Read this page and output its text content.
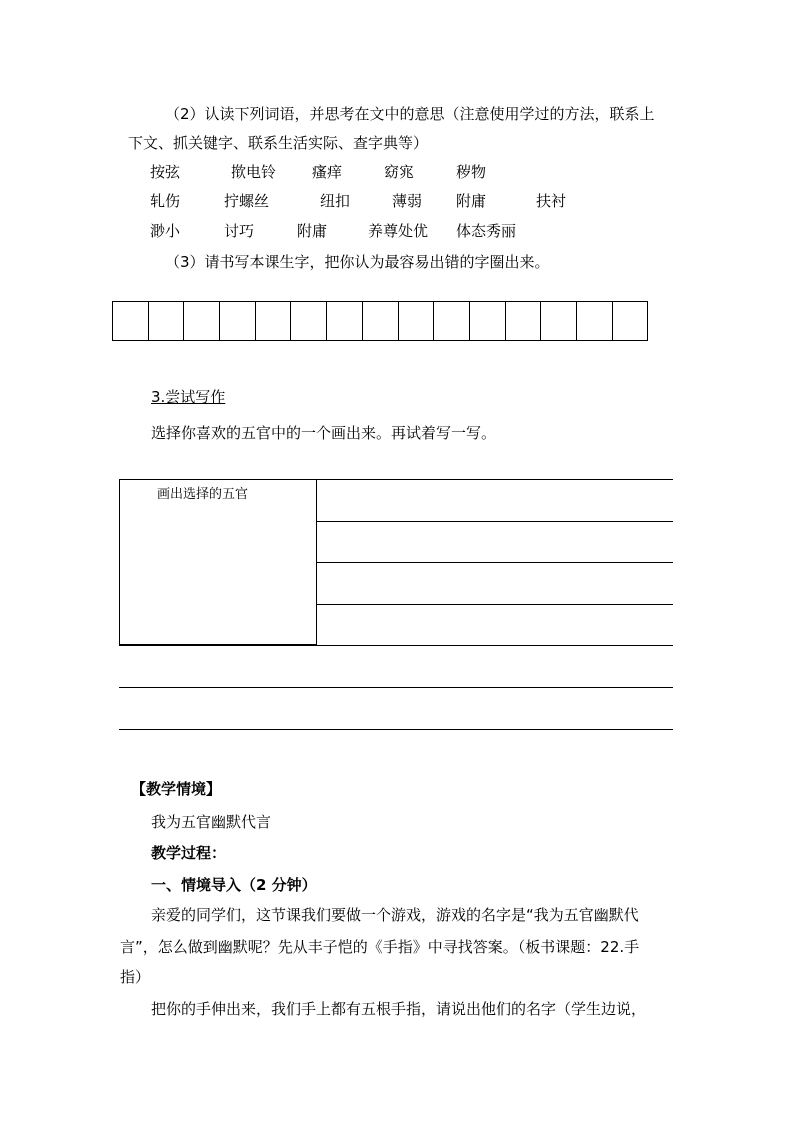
（2）认读下列词语，并思考在文中的意思（注意使用学过的方法，联系上
下文、抓关键字、联系生活实际、查字典等）
按弦	揿电铃 瘙痒	窈宨	秽物
轧伤	拧螺丝	纽扣	薄弱 附庸	扶衬
渺小	讨巧	附庸	养尊处优 体态秀丽
（3）请书写本课生字，把你认为最容易出错的字圈出来。
3.尝试写作
选择你喜欢的五官中的一个画出来。再试着写一写。
画出选择的五官
【教学情境】
我为五官幽默代言
教学过程：
一、情境导入（2 分钟）
亲爱的同学们，这节课我们要做一个游戏，游戏的名字是“我为五官幽默代
言”，怎么做到幽默呢？先从丰子恺的《手指》中寻找答案。（板书课题：22.手
指）
把你的手伸出来，我们手上都有五根手指，请说出他们的名字（学生边说，
